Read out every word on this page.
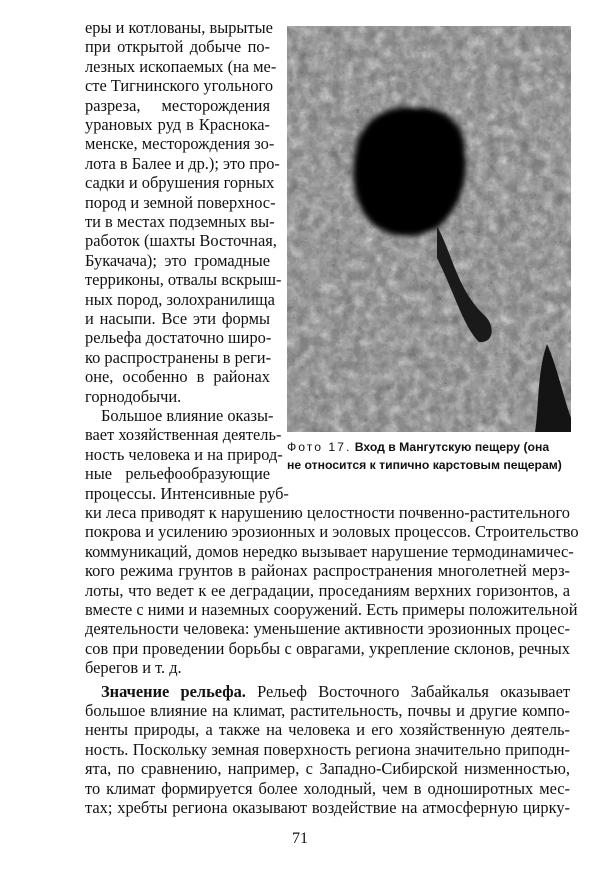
еры и котлованы, вырытые
при открытой добыче по-
лезных ископаемых (на ме-
сте Тигнинского угольного
разреза, месторождения
урановых руд в Краснока-
менске, месторождения зо-
лота в Балее и др.); это про-
садки и обрушения горных
пород и земной поверхнос-
ти в местах подземных вы-
работок (шахты Восточная,
Букачача); это громадные
терриконы, отвалы вскрыш-
ных пород, золохранилища
и насыпи. Все эти формы
рельефа достаточно широ-
ко распространены в реги-
оне, особенно в районах
горнодобычи.
Большое влияние оказы-
вает хозяйственная деятель-
ность человека и на природ-
ные рельефообразующие
процессы. Интенсивные руб-
Фото 17. Вход в Мангутскую пещеру (она
не относится к типично карстовым пещерам)
ки леса приводят к нарушению целостности почвенно-растительного
покрова и усилению эрозионных и эоловых процессов. Строительство
коммуникаций, домов нередко вызывает нарушение термодинамичес-
кого режима грунтов в районах распространения многолетней мерз-
лоты, что ведет к ее деградации, проседаниям верхних горизонтов, а
вместе с ними и наземных сооружений. Есть примеры положительной
деятельности человека: уменьшение активности эрозионных процес-
сов при проведении борьбы с оврагами, укрепление склонов, речных
берегов и т. д.
Значение рельефа. Рельеф Восточного Забайкалья оказывает
большое влияние на климат, растительность, почвы и другие компо-
ненты природы, а также на человека и его хозяйственную деятель-
ность. Поскольку земная поверхность региона значительно приподн-
ята, по сравнению, например, с Западно-Сибирской низменностью,
то климат формируется более холодный, чем в одноширотных мес-
тах; хребты региона оказывают воздействие на атмосферную цирку-
71
